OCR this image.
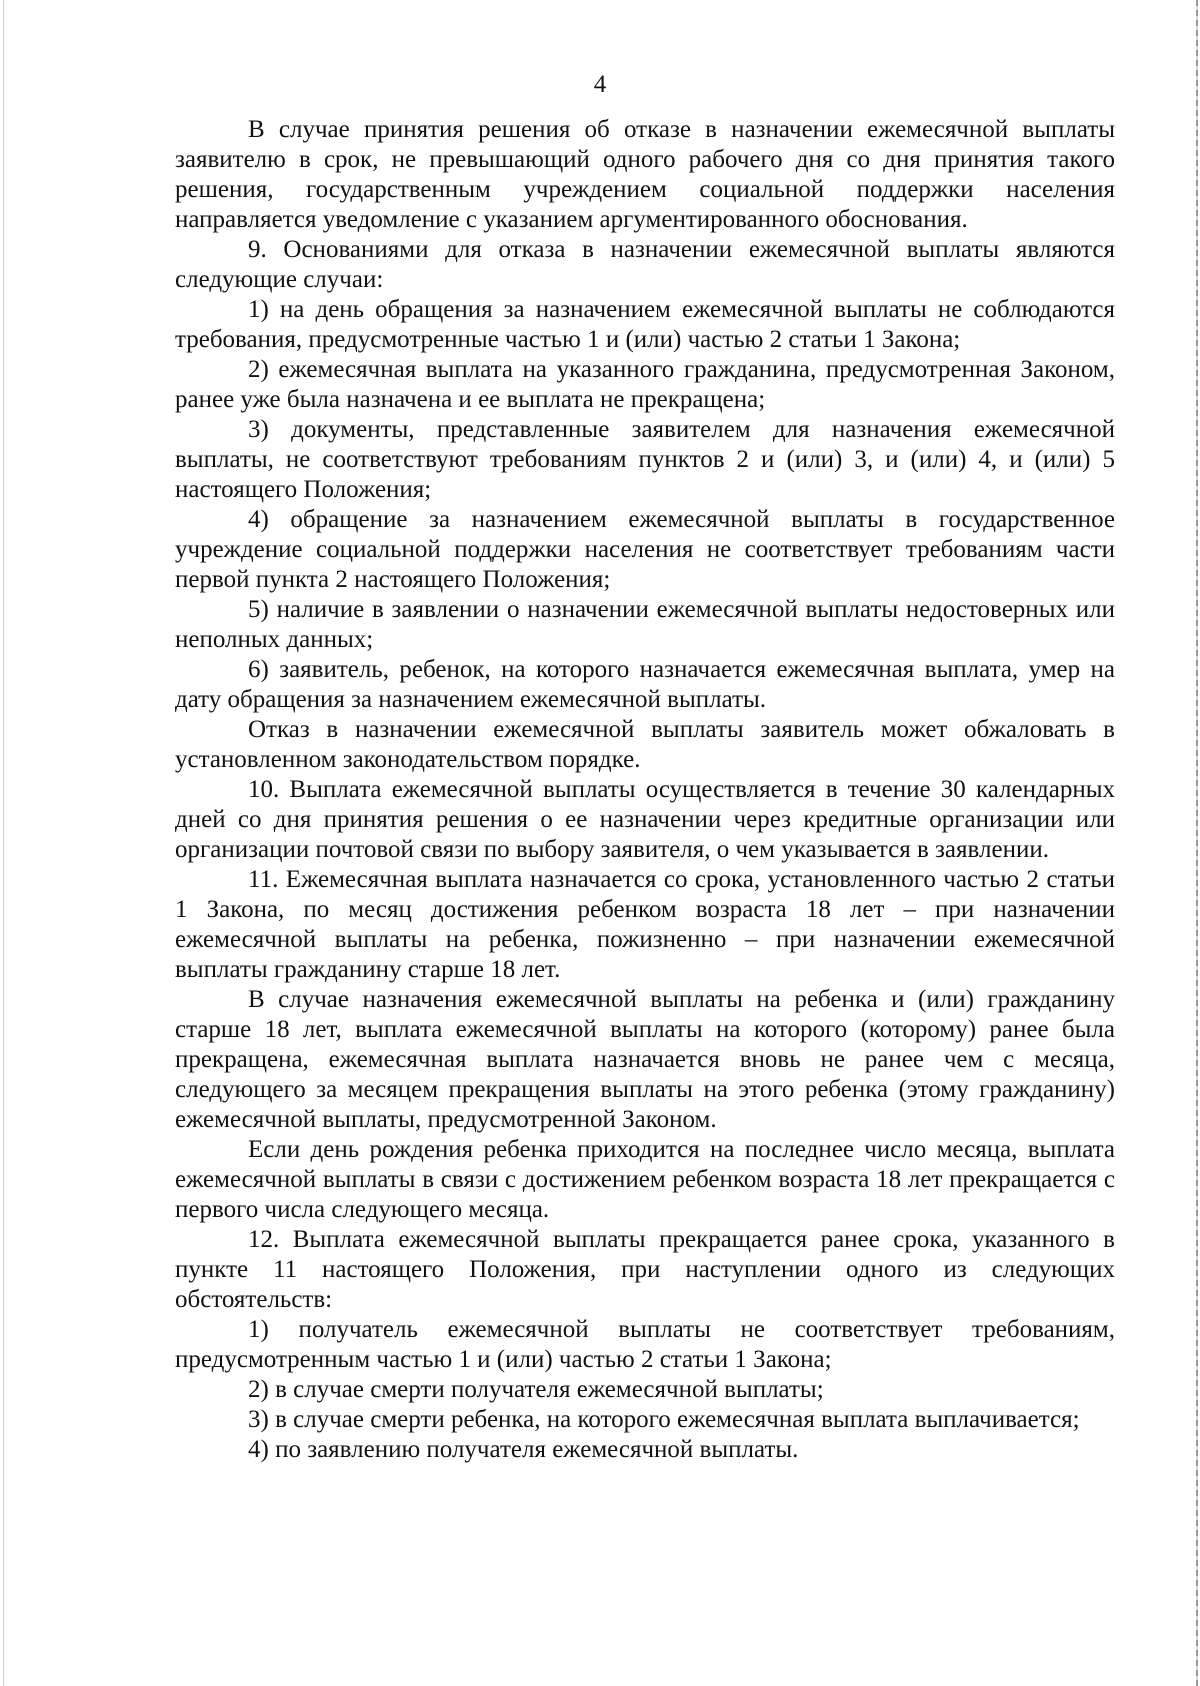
4

В случае принятия решения об отказе в назначении ежемесячной выплаты заявителю в срок, не превышающий одного рабочего дня со дня принятия такого решения, государственным учреждением социальной поддержки населения направляется уведомление с указанием аргументированного обоснования.

9. Основаниями для отказа в назначении ежемесячной выплаты являются следующие случаи:

1) на день обращения за назначением ежемесячной выплаты не соблюдаются требования, предусмотренные частью 1 и (или) частью 2 статьи 1 Закона;

2) ежемесячная выплата на указанного гражданина, предусмотренная Законом, ранее уже была назначена и ее выплата не прекращена;

3) документы, представленные заявителем для назначения ежемесячной выплаты, не соответствуют требованиям пунктов 2 и (или) 3, и (или) 4, и (или) 5 настоящего Положения;

4) обращение за назначением ежемесячной выплаты в государственное учреждение социальной поддержки населения не соответствует требованиям части первой пункта 2 настоящего Положения;

5) наличие в заявлении о назначении ежемесячной выплаты недостоверных или неполных данных;

6) заявитель, ребенок, на которого назначается ежемесячная выплата, умер на дату обращения за назначением ежемесячной выплаты.

Отказ в назначении ежемесячной выплаты заявитель может обжаловать в установленном законодательством порядке.

10. Выплата ежемесячной выплаты осуществляется в течение 30 календарных дней со дня принятия решения о ее назначении через кредитные организации или организации почтовой связи по выбору заявителя, о чем указывается в заявлении.

11. Ежемесячная выплата назначается со срока, установленного частью 2 статьи 1 Закона, по месяц достижения ребенком возраста 18 лет – при назначении ежемесячной выплаты на ребенка, пожизненно – при назначении ежемесячной выплаты гражданину старше 18 лет.

В случае назначения ежемесячной выплаты на ребенка и (или) гражданину старше 18 лет, выплата ежемесячной выплаты на которого (которому) ранее была прекращена, ежемесячная выплата назначается вновь не ранее чем с месяца, следующего за месяцем прекращения выплаты на этого ребенка (этому гражданину) ежемесячной выплаты, предусмотренной Законом.

Если день рождения ребенка приходится на последнее число месяца, выплата ежемесячной выплаты в связи с достижением ребенком возраста 18 лет прекращается с первого числа следующего месяца.

12. Выплата ежемесячной выплаты прекращается ранее срока, указанного в пункте 11 настоящего Положения, при наступлении одного из следующих обстоятельств:

1) получатель ежемесячной выплаты не соответствует требованиям, предусмотренным частью 1 и (или) частью 2 статьи 1 Закона;

2) в случае смерти получателя ежемесячной выплаты;

3) в случае смерти ребенка, на которого ежемесячная выплата выплачивается;

4) по заявлению получателя ежемесячной выплаты.
